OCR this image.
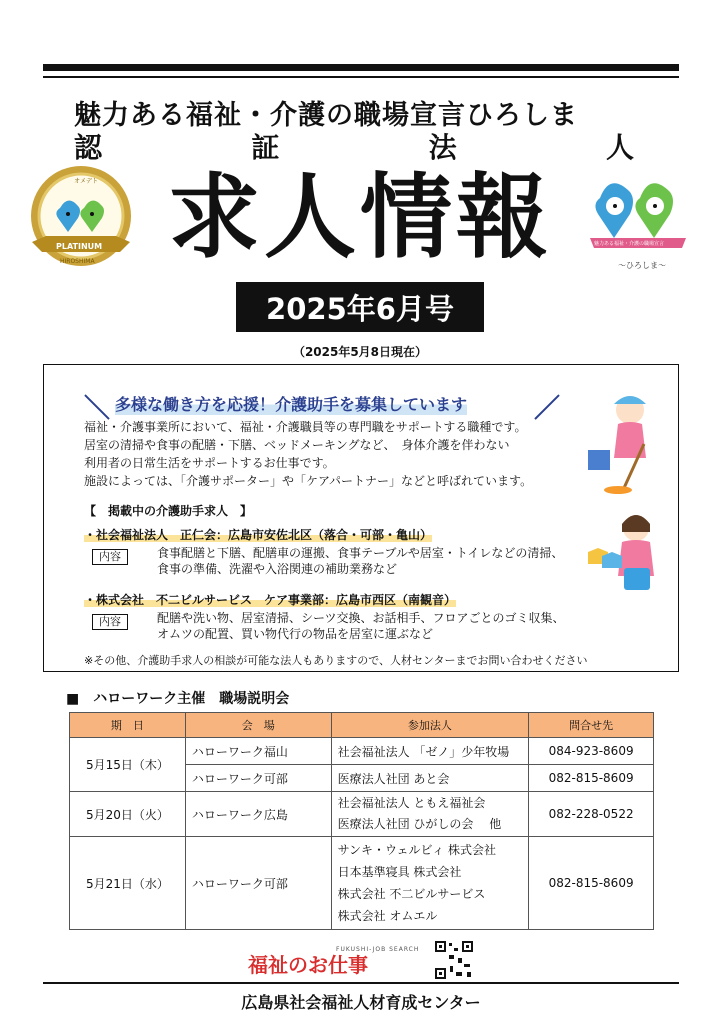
魅力ある福祉・介護の職場宣言ひろしま
認	証	法	人
オメデト
PLATINUM
HIROSHIMA
魅力ある福祉・介護の職場宣言
～ひろしま～
求人情報
2025年6月号
（2025年5月8日現在）
＼ 多様な働き方を応援！介護助手を募集しています	／
福祉・介護事業所において、福祉・介護職員等の専門職をサポートする職種です。
居室の清掃や食事の配膳・下膳、ベッドメーキングなど、　身体介護を伴わない
利用者の日常生活をサポートするお仕事です。
施設によっては、「介護サポーター」や「ケアパートナー」などと呼ばれています。
【　掲載中の介護助手求人　】
・社会福祉法人　正仁会：広島市安佐北区（落合・可部・亀山）
内容	食事配膳と下膳、配膳車の運搬、食事テーブルや居室・トイレなどの清掃、
食事の準備、洗濯や入浴関連の補助業務など
・株式会社　不二ビルサービス　ケア事業部：広島市西区（南観音）
内容	配膳や洗い物、居室清掃、シーツ交換、お話相手、フロアごとのゴミ収集、
オムツの配置、買い物代行の物品を居室に運ぶなど
※その他、介護助手求人の相談が可能な法人もありますので、人材センターまでお問い合わせください
■　ハローワーク主催　職場説明会
期　日	会　場	参加法人	問合せ先
5月15日（木）	ハローワーク福山	社会福祉法人 「ゼノ」少年牧場	084-923-8609
	ハローワーク可部	医療法人社団 あと会	082-815-8609
5月20日（火）	ハローワーク広島	社会福祉法人 ともえ福祉会
医療法人社団 ひがしの会　 他	082-228-0522
5月21日（水）	ハローワーク可部	サンキ・ウェルビィ 株式会社
日本基準寝具 株式会社
株式会社 不二ビルサービス
株式会社 オムエル	082-815-8609
福祉のお仕事
FUKUSHI-JOB SEARCH
広島県社会福祉人材育成センター
